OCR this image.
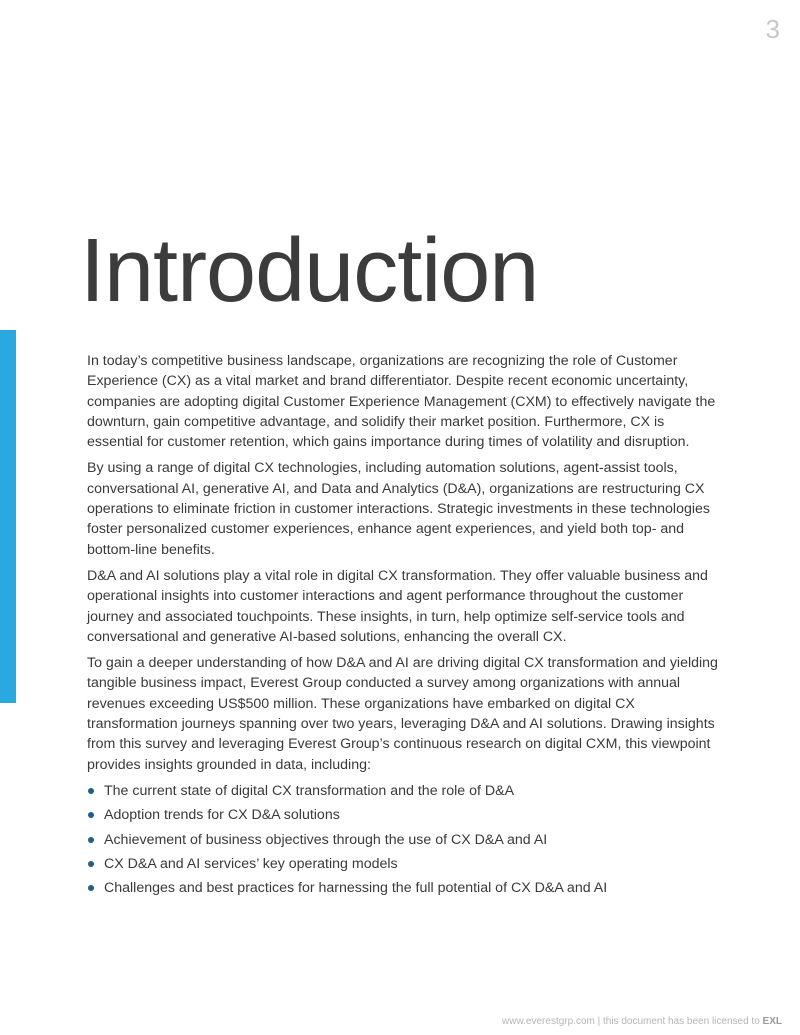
3
Introduction

In today’s competitive business landscape, organizations are recognizing the role of Customer Experience (CX) as a vital market and brand differentiator. Despite recent economic uncertainty, companies are adopting digital Customer Experience Management (CXM) to effectively navigate the downturn, gain competitive advantage, and solidify their market position. Furthermore, CX is essential for customer retention, which gains importance during times of volatility and disruption.

By using a range of digital CX technologies, including automation solutions, agent-assist tools, conversational AI, generative AI, and Data and Analytics (D&A), organizations are restructuring CX operations to eliminate friction in customer interactions. Strategic investments in these technologies foster personalized customer experiences, enhance agent experiences, and yield both top- and bottom-line benefits.

D&A and AI solutions play a vital role in digital CX transformation. They offer valuable business and operational insights into customer interactions and agent performance throughout the customer journey and associated touchpoints. These insights, in turn, help optimize self-service tools and conversational and generative AI-based solutions, enhancing the overall CX.

To gain a deeper understanding of how D&A and AI are driving digital CX transformation and yielding tangible business impact, Everest Group conducted a survey among organizations with annual revenues exceeding US$500 million. These organizations have embarked on digital CX transformation journeys spanning over two years, leveraging D&A and AI solutions. Drawing insights from this survey and leveraging Everest Group’s continuous research on digital CXM, this viewpoint provides insights grounded in data, including:

The current state of digital CX transformation and the role of D&A
Adoption trends for CX D&A solutions
Achievement of business objectives through the use of CX D&A and AI
CX D&A and AI services’ key operating models
Challenges and best practices for harnessing the full potential of CX D&A and AI
www.everestgrp.com | this document has been licensed to EXL
